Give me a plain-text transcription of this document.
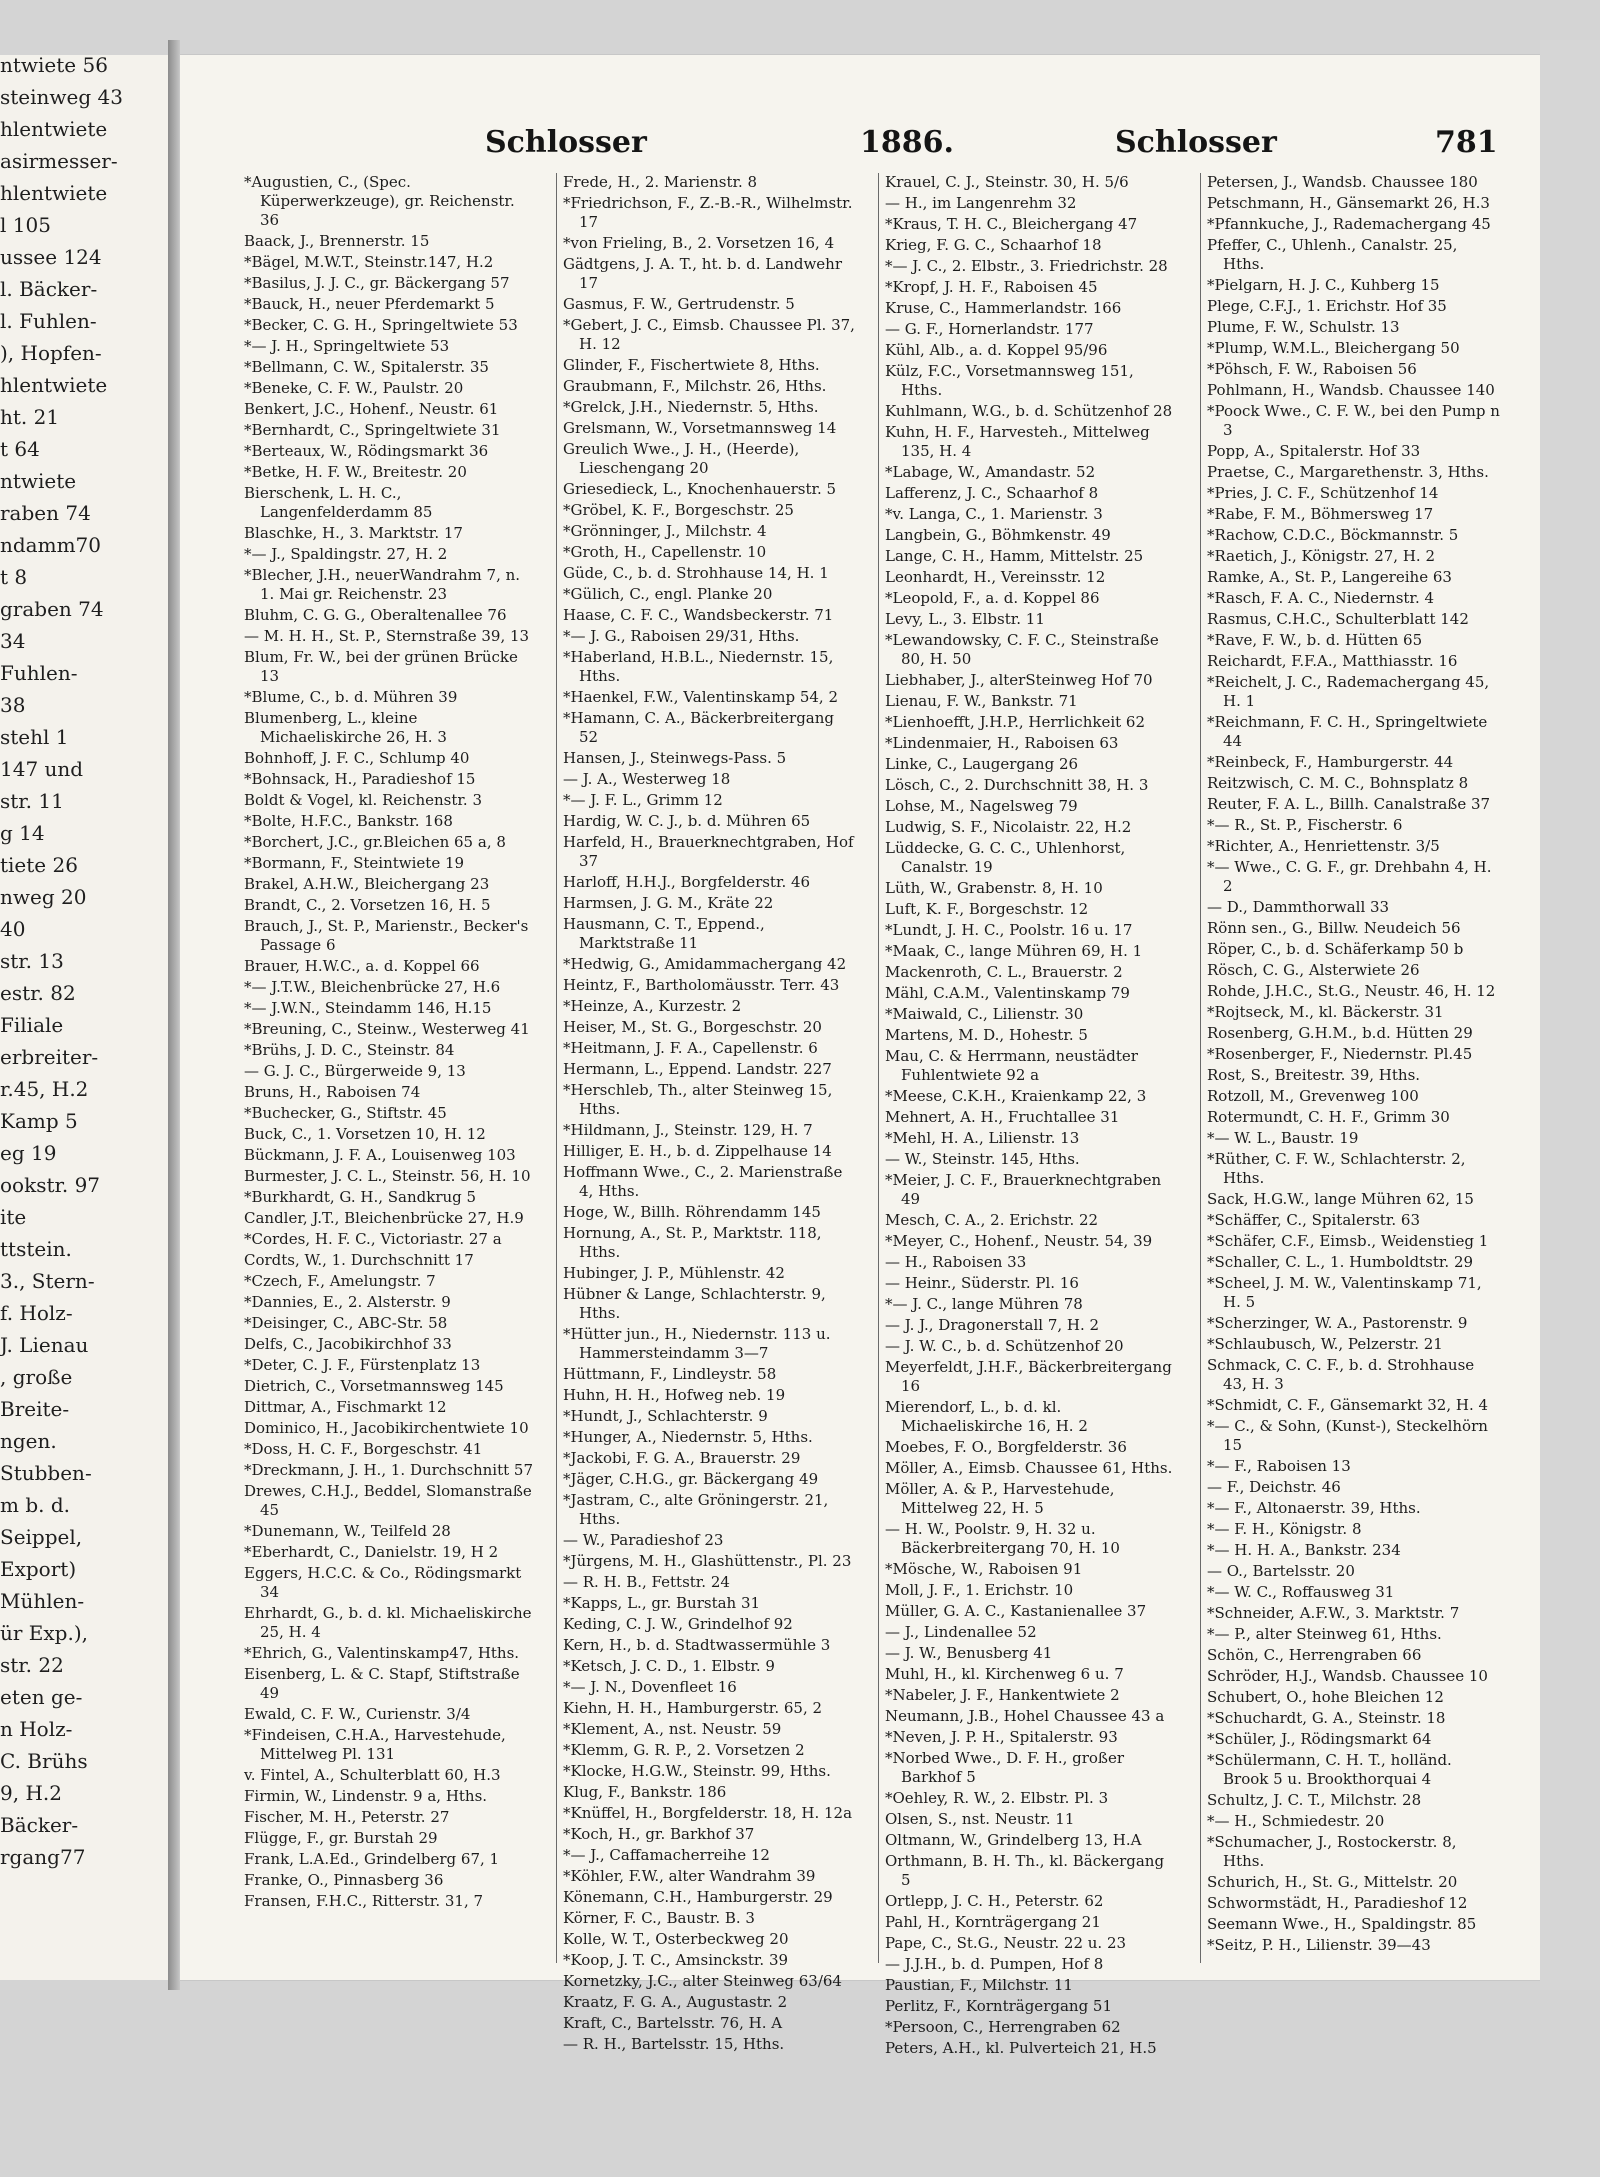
ntwiete 56
steinweg 43
hlentwiete
asirmesser-
hlentwiete
l 105
ussee 124
l. Bäcker-
l. Fuhlen-
), Hopfen-
hlentwiete
ht. 21
t 64
ntwiete
raben 74
ndamm70
t 8
graben 74
34
Fuhlen-
38
stehl 1
147 und
str. 11
g 14
tiete 26
nweg 20
40
str. 13
estr. 82
Filiale
erbreiter-
r.45, H.2
Kamp 5
eg 19
ookstr. 97
ite
ttstein.
3., Stern-
f. Holz-
J. Lienau
, große
Breite-
ngen.
Stubben-
m b. d.
Seippel,
Export)
Mühlen-
ür Exp.),
str. 22
eten ge-
n Holz-
C. Brühs
9, H.2
Bäcker-
rgang77
Schlosser	1886.	Schlosser	781
*Augustien, C., (Spec. Küperwerkzeuge), gr. Reichenstr. 36
Baack, J., Brennerstr. 15
*Bägel, M.W.T., Steinstr.147, H.2
*Basilus, J. J. C., gr. Bäckergang 57
*Bauck, H., neuer Pferdemarkt 5
*Becker, C. G. H., Springeltwiete 53
*— J. H., Springeltwiete 53
*Bellmann, C. W., Spitalerstr. 35
*Beneke, C. F. W., Paulstr. 20
Benkert, J.C., Hohenf., Neustr. 61
*Bernhardt, C., Springeltwiete 31
*Berteaux, W., Rödingsmarkt 36
*Betke, H. F. W., Breitestr. 20
Bierschenk, L. H. C., Langenfelderdamm 85
Blaschke, H., 3. Marktstr. 17
*— J., Spaldingstr. 27, H. 2
*Blecher, J.H., neuerWandrahm 7, n. 1. Mai gr. Reichenstr. 23
Bluhm, C. G. G., Oberaltenallee 76
— M. H. H., St. P., Sternstraße 39, 13
Blum, Fr. W., bei der grünen Brücke 13
*Blume, C., b. d. Mühren 39
Blumenberg, L., kleine Michaeliskirche 26, H. 3
Bohnhoff, J. F. C., Schlump 40
*Bohnsack, H., Paradieshof 15
Boldt & Vogel, kl. Reichenstr. 3
*Bolte, H.F.C., Bankstr. 168
*Borchert, J.C., gr.Bleichen 65 a, 8
*Bormann, F., Steintwiete 19
Brakel, A.H.W., Bleichergang 23
Brandt, C., 2. Vorsetzen 16, H. 5
Brauch, J., St. P., Marienstr., Becker's Passage 6
Brauer, H.W.C., a. d. Koppel 66
*— J.T.W., Bleichenbrücke 27, H.6
*— J.W.N., Steindamm 146, H.15
*Breuning, C., Steinw., Westerweg 41
*Brühs, J. D. C., Steinstr. 84
— G. J. C., Bürgerweide 9, 13
Bruns, H., Raboisen 74
*Buchecker, G., Stiftstr. 45
Buck, C., 1. Vorsetzen 10, H. 12
Bückmann, J. F. A., Louisenweg 103
Burmester, J. C. L., Steinstr. 56, H. 10
*Burkhardt, G. H., Sandkrug 5
Candler, J.T., Bleichenbrücke 27, H.9
*Cordes, H. F. C., Victoriastr. 27 a
Cordts, W., 1. Durchschnitt 17
*Czech, F., Amelungstr. 7
*Dannies, E., 2. Alsterstr. 9
*Deisinger, C., ABC-Str. 58
Delfs, C., Jacobikirchhof 33
*Deter, C. J. F., Fürstenplatz 13
Dietrich, C., Vorsetmannsweg 145
Dittmar, A., Fischmarkt 12
Dominico, H., Jacobikirchentwiete 10
*Doss, H. C. F., Borgeschstr. 41
*Dreckmann, J. H., 1. Durchschnitt 57
Drewes, C.H.J., Beddel, Slomanstraße 45
*Dunemann, W., Teilfeld 28
*Eberhardt, C., Danielstr. 19, H 2
Eggers, H.C.C. & Co., Rödingsmarkt 34
Ehrhardt, G., b. d. kl. Michaeliskirche 25, H. 4
*Ehrich, G., Valentinskamp47, Hths.
Eisenberg, L. & C. Stapf, Stiftstraße 49
Ewald, C. F. W., Curienstr. 3/4
*Findeisen, C.H.A., Harvestehude, Mittelweg Pl. 131
v. Fintel, A., Schulterblatt 60, H.3
Firmin, W., Lindenstr. 9 a, Hths.
Fischer, M. H., Peterstr. 27
Flügge, F., gr. Burstah 29
Frank, L.A.Ed., Grindelberg 67, 1
Franke, O., Pinnasberg 36
Fransen, F.H.C., Ritterstr. 31, 7
Frede, H., 2. Marienstr. 8
*Friedrichson, F., Z.-B.-R., Wilhelmstr. 17
*von Frieling, B., 2. Vorsetzen 16, 4
Gädtgens, J. A. T., ht. b. d. Landwehr 17
Gasmus, F. W., Gertrudenstr. 5
*Gebert, J. C., Eimsb. Chaussee Pl. 37, H. 12
Glinder, F., Fischertwiete 8, Hths.
Graubmann, F., Milchstr. 26, Hths.
*Grelck, J.H., Niedernstr. 5, Hths.
Grelsmann, W., Vorsetmannsweg 14
Greulich Wwe., J. H., (Heerde), Lieschengang 20
Griesedieck, L., Knochenhauerstr. 5
*Gröbel, K. F., Borgeschstr. 25
*Grönninger, J., Milchstr. 4
*Groth, H., Capellenstr. 10
Güde, C., b. d. Strohhause 14, H. 1
*Gülich, C., engl. Planke 20
Haase, C. F. C., Wandsbeckerstr. 71
*— J. G., Raboisen 29/31, Hths.
*Haberland, H.B.L., Niedernstr. 15, Hths.
*Haenkel, F.W., Valentinskamp 54, 2
*Hamann, C. A., Bäckerbreitergang 52
Hansen, J., Steinwegs-Pass. 5
— J. A., Westerweg 18
*— J. F. L., Grimm 12
Hardig, W. C. J., b. d. Mühren 65
Harfeld, H., Brauerknechtgraben, Hof 37
Harloff, H.H.J., Borgfelderstr. 46
Harmsen, J. G. M., Kräte 22
Hausmann, C. T., Eppend., Marktstraße 11
*Hedwig, G., Amidammachergang 42
Heintz, F., Bartholomäusstr. Terr. 43
*Heinze, A., Kurzestr. 2
Heiser, M., St. G., Borgeschstr. 20
*Heitmann, J. F. A., Capellenstr. 6
Hermann, L., Eppend. Landstr. 227
*Herschleb, Th., alter Steinweg 15, Hths.
*Hildmann, J., Steinstr. 129, H. 7
Hilliger, E. H., b. d. Zippelhause 14
Hoffmann Wwe., C., 2. Marienstraße 4, Hths.
Hoge, W., Billh. Röhrendamm 145
Hornung, A., St. P., Marktstr. 118, Hths.
Hubinger, J. P., Mühlenstr. 42
Hübner & Lange, Schlachterstr. 9, Hths.
*Hütter jun., H., Niedernstr. 113 u. Hammersteindamm 3—7
Hüttmann, F., Lindleystr. 58
Huhn, H. H., Hofweg neb. 19
*Hundt, J., Schlachterstr. 9
*Hunger, A., Niedernstr. 5, Hths.
*Jackobi, F. G. A., Brauerstr. 29
*Jäger, C.H.G., gr. Bäckergang 49
*Jastram, C., alte Gröningerstr. 21, Hths.
— W., Paradieshof 23
*Jürgens, M. H., Glashüttenstr., Pl. 23
— R. H. B., Fettstr. 24
*Kapps, L., gr. Burstah 31
Keding, C. J. W., Grindelhof 92
Kern, H., b. d. Stadtwassermühle 3
*Ketsch, J. C. D., 1. Elbstr. 9
*— J. N., Dovenfleet 16
Kiehn, H. H., Hamburgerstr. 65, 2
*Klement, A., nst. Neustr. 59
*Klemm, G. R. P., 2. Vorsetzen 2
*Klocke, H.G.W., Steinstr. 99, Hths.
Klug, F., Bankstr. 186
*Knüffel, H., Borgfelderstr. 18, H. 12a
*Koch, H., gr. Barkhof 37
*— J., Caffamacherreihe 12
*Köhler, F.W., alter Wandrahm 39
Könemann, C.H., Hamburgerstr. 29
Körner, F. C., Baustr. B. 3
Kolle, W. T., Osterbeckweg 20
*Koop, J. T. C., Amsinckstr. 39
Kornetzky, J.C., alter Steinweg 63/64
Kraatz, F. G. A., Augustastr. 2
Kraft, C., Bartelsstr. 76, H. A
— R. H., Bartelsstr. 15, Hths.
Krauel, C. J., Steinstr. 30, H. 5/6
— H., im Langenrehm 32
*Kraus, T. H. C., Bleichergang 47
Krieg, F. G. C., Schaarhof 18
*— J. C., 2. Elbstr., 3. Friedrichstr. 28
*Kropf, J. H. F., Raboisen 45
Kruse, C., Hammerlandstr. 166
— G. F., Hornerlandstr. 177
Kühl, Alb., a. d. Koppel 95/96
Külz, F.C., Vorsetmannsweg 151, Hths.
Kuhlmann, W.G., b. d. Schützenhof 28
Kuhn, H. F., Harvesteh., Mittelweg 135, H. 4
*Labage, W., Amandastr. 52
Lafferenz, J. C., Schaarhof 8
*v. Langa, C., 1. Marienstr. 3
Langbein, G., Böhmkenstr. 49
Lange, C. H., Hamm, Mittelstr. 25
Leonhardt, H., Vereinsstr. 12
*Leopold, F., a. d. Koppel 86
Levy, L., 3. Elbstr. 11
*Lewandowsky, C. F. C., Steinstraße 80, H. 50
Liebhaber, J., alterSteinweg Hof 70
Lienau, F. W., Bankstr. 71
*Lienhoefft, J.H.P., Herrlichkeit 62
*Lindenmaier, H., Raboisen 63
Linke, C., Laugergang 26
Lösch, C., 2. Durchschnitt 38, H. 3
Lohse, M., Nagelsweg 79
Ludwig, S. F., Nicolaistr. 22, H.2
Lüddecke, G. C. C., Uhlenhorst, Canalstr. 19
Lüth, W., Grabenstr. 8, H. 10
Luft, K. F., Borgeschstr. 12
*Lundt, J. H. C., Poolstr. 16 u. 17
*Maak, C., lange Mühren 69, H. 1
Mackenroth, C. L., Brauerstr. 2
Mähl, C.A.M., Valentinskamp 79
*Maiwald, C., Lilienstr. 30
Martens, M. D., Hohestr. 5
Mau, C. & Herrmann, neustädter Fuhlentwiete 92 a
*Meese, C.K.H., Kraienkamp 22, 3
Mehnert, A. H., Fruchtallee 31
*Mehl, H. A., Lilienstr. 13
— W., Steinstr. 145, Hths.
*Meier, J. C. F., Brauerknechtgraben 49
Mesch, C. A., 2. Erichstr. 22
*Meyer, C., Hohenf., Neustr. 54, 39
— H., Raboisen 33
— Heinr., Süderstr. Pl. 16
*— J. C., lange Mühren 78
— J. J., Dragonerstall 7, H. 2
— J. W. C., b. d. Schützenhof 20
Meyerfeldt, J.H.F., Bäckerbreitergang 16
Mierendorf, L., b. d. kl. Michaeliskirche 16, H. 2
Moebes, F. O., Borgfelderstr. 36
Möller, A., Eimsb. Chaussee 61, Hths.
Möller, A. & P., Harvestehude, Mittelweg 22, H. 5
— H. W., Poolstr. 9, H. 32 u. Bäckerbreitergang 70, H. 10
*Mösche, W., Raboisen 91
Moll, J. F., 1. Erichstr. 10
Müller, G. A. C., Kastanienallee 37
— J., Lindenallee 52
— J. W., Benusberg 41
Muhl, H., kl. Kirchenweg 6 u. 7
*Nabeler, J. F., Hankentwiete 2
Neumann, J.B., Hohel Chaussee 43 a
*Neven, J. P. H., Spitalerstr. 93
*Norbed Wwe., D. F. H., großer Barkhof 5
*Oehley, R. W., 2. Elbstr. Pl. 3
Olsen, S., nst. Neustr. 11
Oltmann, W., Grindelberg 13, H.A
Orthmann, B. H. Th., kl. Bäckergang 5
Ortlepp, J. C. H., Peterstr. 62
Pahl, H., Kornträgergang 21
Pape, C., St.G., Neustr. 22 u. 23
— J.J.H., b. d. Pumpen, Hof 8
Paustian, F., Milchstr. 11
Perlitz, F., Kornträgergang 51
*Persoon, C., Herrengraben 62
Peters, A.H., kl. Pulverteich 21, H.5
Petersen, J., Wandsb. Chaussee 180
Petschmann, H., Gänsemarkt 26, H.3
*Pfannkuche, J., Rademachergang 45
Pfeffer, C., Uhlenh., Canalstr. 25, Hths.
*Pielgarn, H. J. C., Kuhberg 15
Plege, C.F.J., 1. Erichstr. Hof 35
Plume, F. W., Schulstr. 13
*Plump, W.M.L., Bleichergang 50
*Pöhsch, F. W., Raboisen 56
Pohlmann, H., Wandsb. Chaussee 140
*Poock Wwe., C. F. W., bei den Pump n 3
Popp, A., Spitalerstr. Hof 33
Praetse, C., Margarethenstr. 3, Hths.
*Pries, J. C. F., Schützenhof 14
*Rabe, F. M., Böhmersweg 17
*Rachow, C.D.C., Böckmannstr. 5
*Raetich, J., Königstr. 27, H. 2
Ramke, A., St. P., Langereihe 63
*Rasch, F. A. C., Niedernstr. 4
Rasmus, C.H.C., Schulterblatt 142
*Rave, F. W., b. d. Hütten 65
Reichardt, F.F.A., Matthiasstr. 16
*Reichelt, J. C., Rademachergang 45, H. 1
*Reichmann, F. C. H., Springeltwiete 44
*Reinbeck, F., Hamburgerstr. 44
Reitzwisch, C. M. C., Bohnsplatz 8
Reuter, F. A. L., Billh. Canalstraße 37
*— R., St. P., Fischerstr. 6
*Richter, A., Henriettenstr. 3/5
*— Wwe., C. G. F., gr. Drehbahn 4, H. 2
— D., Dammthorwall 33
Rönn sen., G., Billw. Neudeich 56
Röper, C., b. d. Schäferkamp 50 b
Rösch, C. G., Alsterwiete 26
Rohde, J.H.C., St.G., Neustr. 46, H. 12
*Rojtseck, M., kl. Bäckerstr. 31
Rosenberg, G.H.M., b.d. Hütten 29
*Rosenberger, F., Niedernstr. Pl.45
Rost, S., Breitestr. 39, Hths.
Rotzoll, M., Grevenweg 100
Rotermundt, C. H. F., Grimm 30
*— W. L., Baustr. 19
*Rüther, C. F. W., Schlachterstr. 2, Hths.
Sack, H.G.W., lange Mühren 62, 15
*Schäffer, C., Spitalerstr. 63
*Schäfer, C.F., Eimsb., Weidenstieg 1
*Schaller, C. L., 1. Humboldtstr. 29
*Scheel, J. M. W., Valentinskamp 71, H. 5
*Scherzinger, W. A., Pastorenstr. 9
*Schlaubusch, W., Pelzerstr. 21
Schmack, C. C. F., b. d. Strohhause 43, H. 3
*Schmidt, C. F., Gänsemarkt 32, H. 4
*— C., & Sohn, (Kunst-), Steckelhörn 15
*— F., Raboisen 13
— F., Deichstr. 46
*— F., Altonaerstr. 39, Hths.
*— F. H., Königstr. 8
*— H. H. A., Bankstr. 234
— O., Bartelsstr. 20
*— W. C., Roffausweg 31
*Schneider, A.F.W., 3. Marktstr. 7
*— P., alter Steinweg 61, Hths.
Schön, C., Herrengraben 66
Schröder, H.J., Wandsb. Chaussee 10
Schubert, O., hohe Bleichen 12
*Schuchardt, G. A., Steinstr. 18
*Schüler, J., Rödingsmarkt 64
*Schülermann, C. H. T., holländ. Brook 5 u. Brookthorquai 4
Schultz, J. C. T., Milchstr. 28
*— H., Schmiedestr. 20
*Schumacher, J., Rostockerstr. 8, Hths.
Schurich, H., St. G., Mittelstr. 20
Schwormstädt, H., Paradieshof 12
Seemann Wwe., H., Spaldingstr. 85
*Seitz, P. H., Lilienstr. 39—43
